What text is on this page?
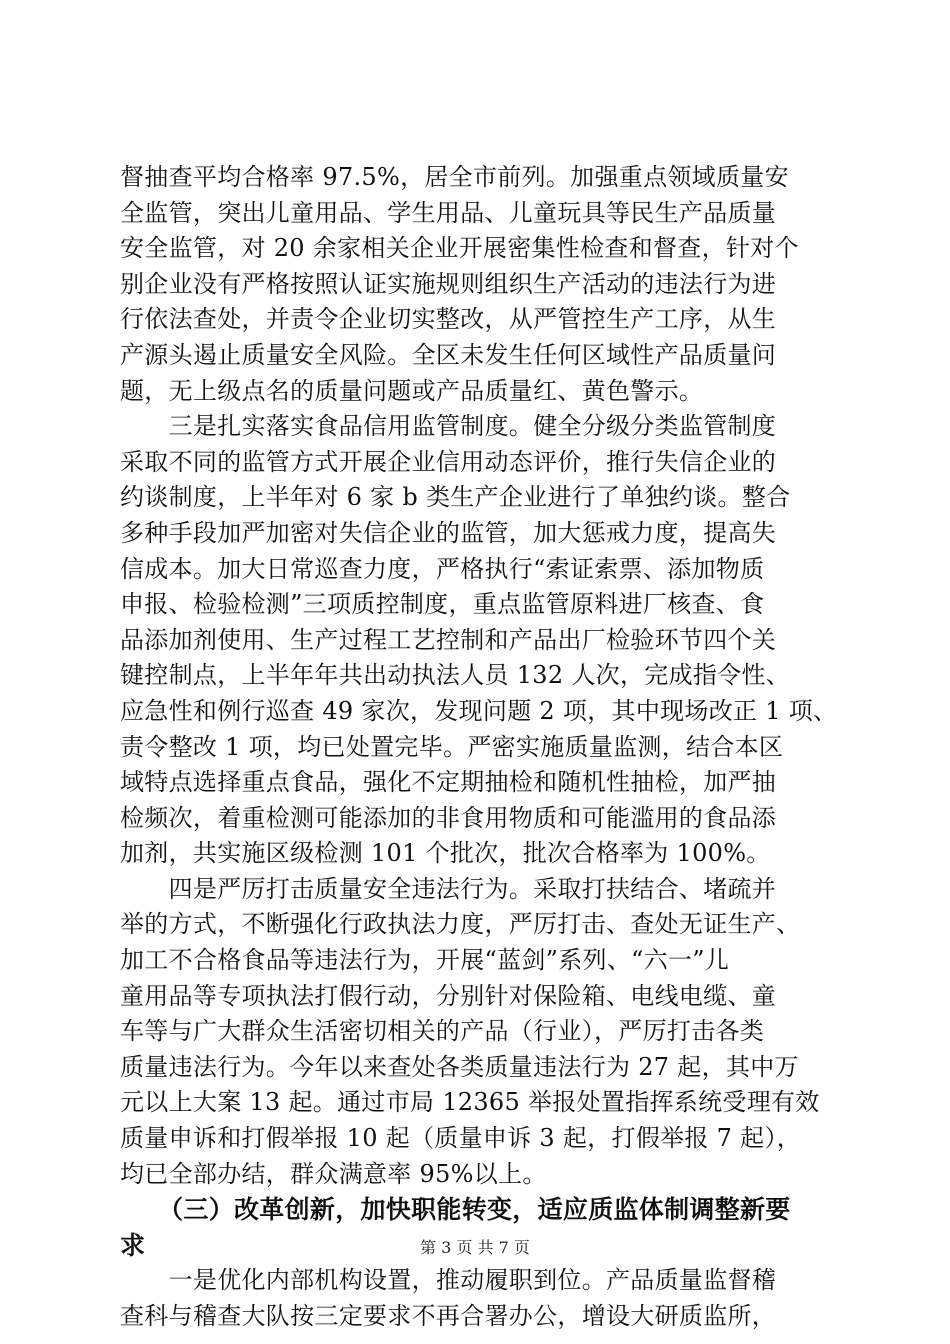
督抽查平均合格率 97.5%，居全市前列。加强重点领域质量安
全监管，突出儿童用品、学生用品、儿童玩具等民生产品质量
安全监管，对 20 余家相关企业开展密集性检查和督查，针对个
别企业没有严格按照认证实施规则组织生产活动的违法行为进
行依法查处，并责令企业切实整改，从严管控生产工序，从生
产源头遏止质量安全风险。全区未发生任何区域性产品质量问
题，无上级点名的质量问题或产品质量红、黄色警示。
　　三是扎实落实食品信用监管制度。健全分级分类监管制度
采取不同的监管方式开展企业信用动态评价，推行失信企业的
约谈制度，上半年对 6 家 b 类生产企业进行了单独约谈。整合
多种手段加严加密对失信企业的监管，加大惩戒力度，提高失
信成本。加大日常巡查力度，严格执行“索证索票、添加物质
申报、检验检测”三项质控制度，重点监管原料进厂核查、食
品添加剂使用、生产过程工艺控制和产品出厂检验环节四个关
键控制点，上半年年共出动执法人员 132 人次，完成指令性、
应急性和例行巡查 49 家次，发现问题 2 项，其中现场改正 1 项、
责令整改 1 项，均已处置完毕。严密实施质量监测，结合本区
域特点选择重点食品，强化不定期抽检和随机性抽检，加严抽
检频次，着重检测可能添加的非食用物质和可能滥用的食品添
加剂，共实施区级检测 101 个批次，批次合格率为 100%。
　　四是严厉打击质量安全违法行为。采取打扶结合、堵疏并
举的方式，不断强化行政执法力度，严厉打击、查处无证生产、
加工不合格食品等违法行为，开展“蓝剑”系列、“六一”儿
童用品等专项执法打假行动，分别针对保险箱、电线电缆、童
车等与广大群众生活密切相关的产品（行业），严厉打击各类
质量违法行为。今年以来查处各类质量违法行为 27 起，其中万
元以上大案 13 起。通过市局 12365 举报处置指挥系统受理有效
质量申诉和打假举报 10 起（质量申诉 3 起，打假举报 7 起），
均已全部办结，群众满意率 95%以上。
　　（三）改革创新，加快职能转变，适应质监体制调整新要
求
　　一是优化内部机构设置，推动履职到位。产品质量监督稽
查科与稽查大队按三定要求不再合署办公，增设大研质监所，
第 3 页 共 7 页
